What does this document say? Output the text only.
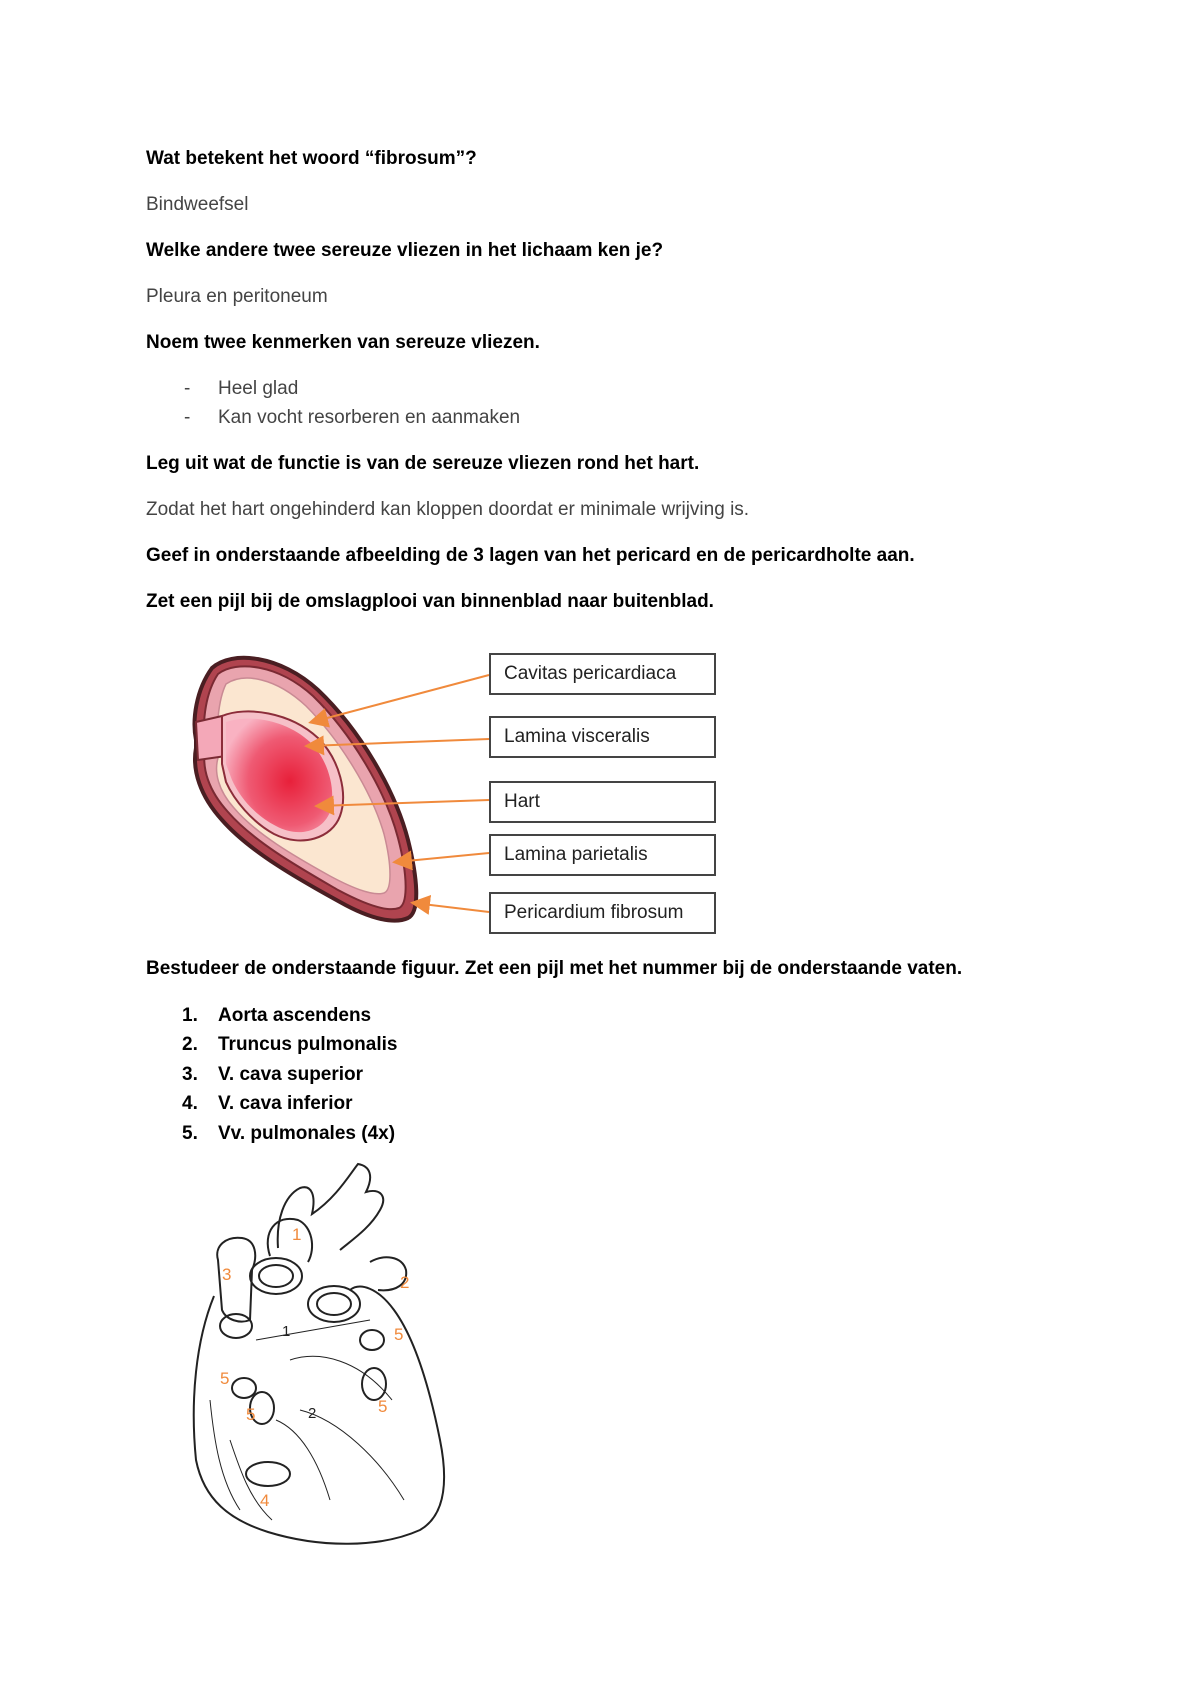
Wat betekent het woord “fibrosum”?
Bindweefsel
Welke andere twee sereuze vliezen in het lichaam ken je?
Pleura en peritoneum
Noem twee kenmerken van sereuze vliezen.
- Heel glad
- Kan vocht resorberen en aanmaken
Leg uit wat de functie is van de sereuze vliezen rond het hart.
Zodat het hart ongehinderd kan kloppen doordat er minimale wrijving is.
Geef in onderstaande afbeelding de 3 lagen van het pericard en de pericardholte aan.
Zet een pijl bij de omslagplooi van binnenblad naar buitenblad.
Cavitas pericardiaca
Lamina visceralis
Hart
Lamina parietalis
Pericardium fibrosum
Bestudeer de onderstaande figuur. Zet een pijl met het nummer bij de onderstaande vaten.
1. Aorta ascendens
2. Truncus pulmonalis
3. V. cava superior
4. V. cava inferior
5. Vv. pulmonales (4x)
1
2
3
4
5
5
5
5
1
2
